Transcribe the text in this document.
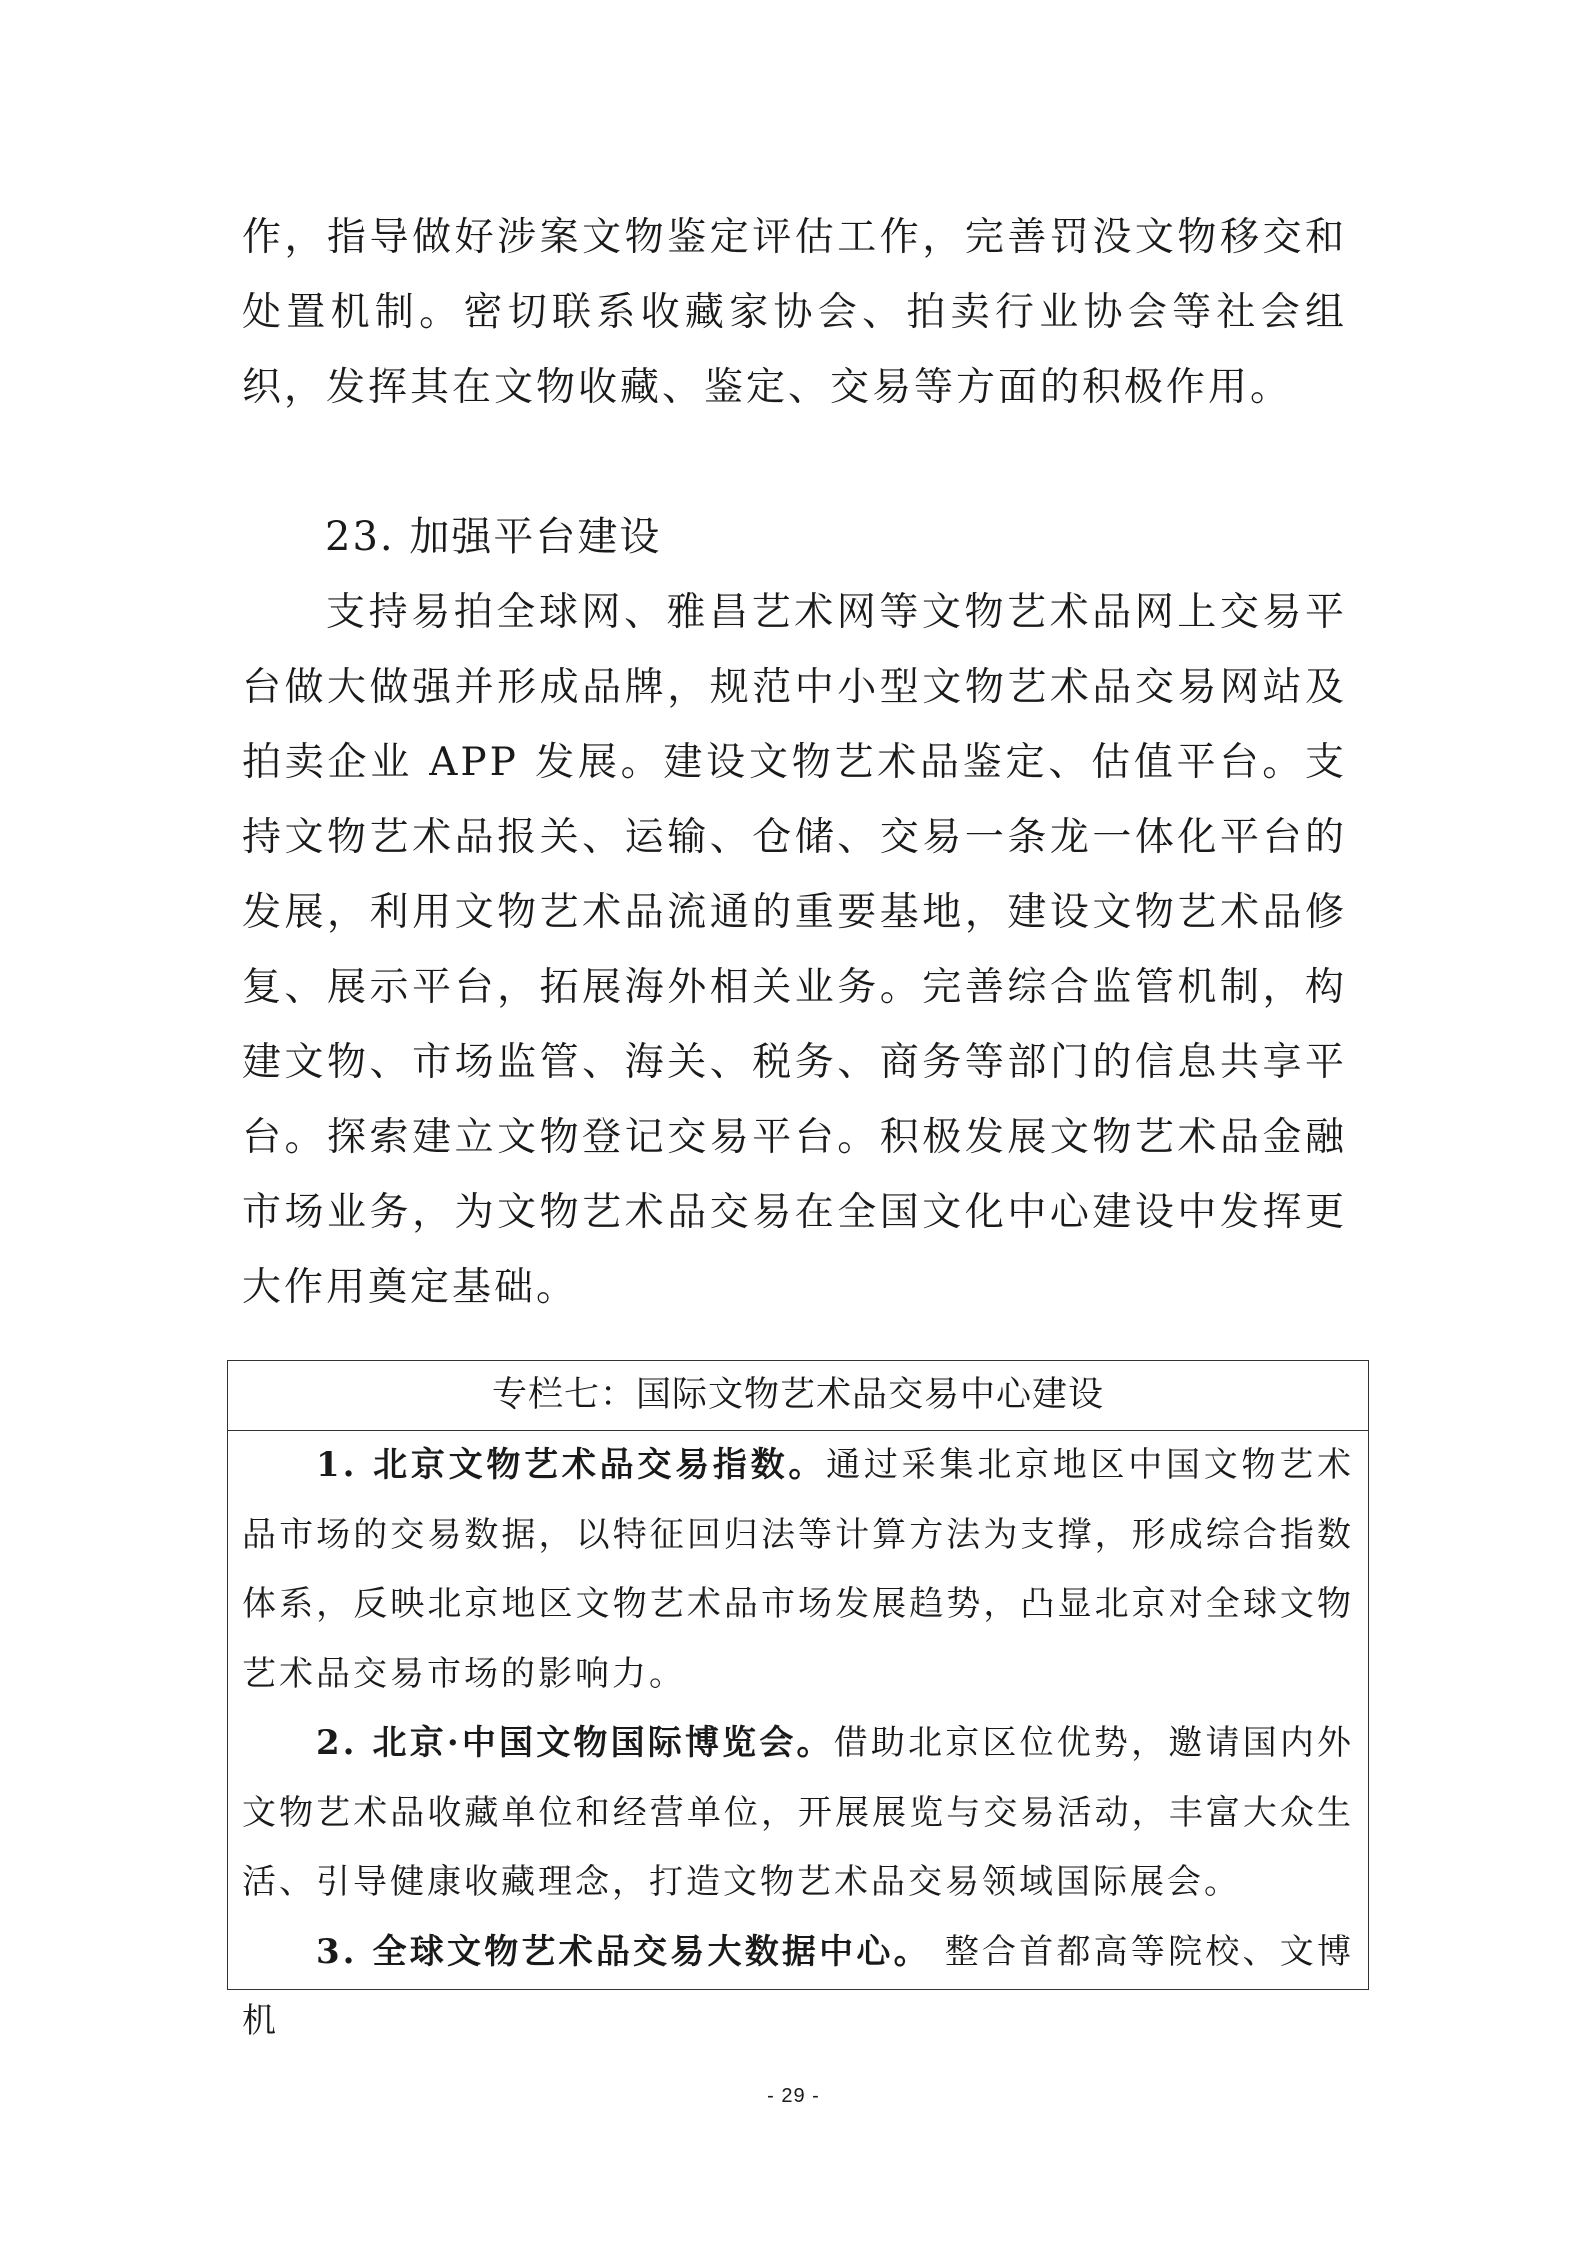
作，指导做好涉案文物鉴定评估工作，完善罚没文物移交和处置机制。密切联系收藏家协会、拍卖行业协会等社会组织，发挥其在文物收藏、鉴定、交易等方面的积极作用。

23. 加强平台建设

支持易拍全球网、雅昌艺术网等文物艺术品网上交易平台做大做强并形成品牌，规范中小型文物艺术品交易网站及拍卖企业 APP 发展。建设文物艺术品鉴定、估值平台。支持文物艺术品报关、运输、仓储、交易一条龙一体化平台的发展，利用文物艺术品流通的重要基地，建设文物艺术品修复、展示平台，拓展海外相关业务。完善综合监管机制，构建文物、市场监管、海关、税务、商务等部门的信息共享平台。探索建立文物登记交易平台。积极发展文物艺术品金融市场业务，为文物艺术品交易在全国文化中心建设中发挥更大作用奠定基础。

专栏七：国际文物艺术品交易中心建设

1. 北京文物艺术品交易指数。通过采集北京地区中国文物艺术品市场的交易数据，以特征回归法等计算方法为支撑，形成综合指数体系，反映北京地区文物艺术品市场发展趋势，凸显北京对全球文物艺术品交易市场的影响力。

2. 北京·中国文物国际博览会。借助北京区位优势，邀请国内外文物艺术品收藏单位和经营单位，开展展览与交易活动，丰富大众生活、引导健康收藏理念，打造文物艺术品交易领域国际展会。

3. 全球文物艺术品交易大数据中心。 整合首都高等院校、文博机

- 29 -
